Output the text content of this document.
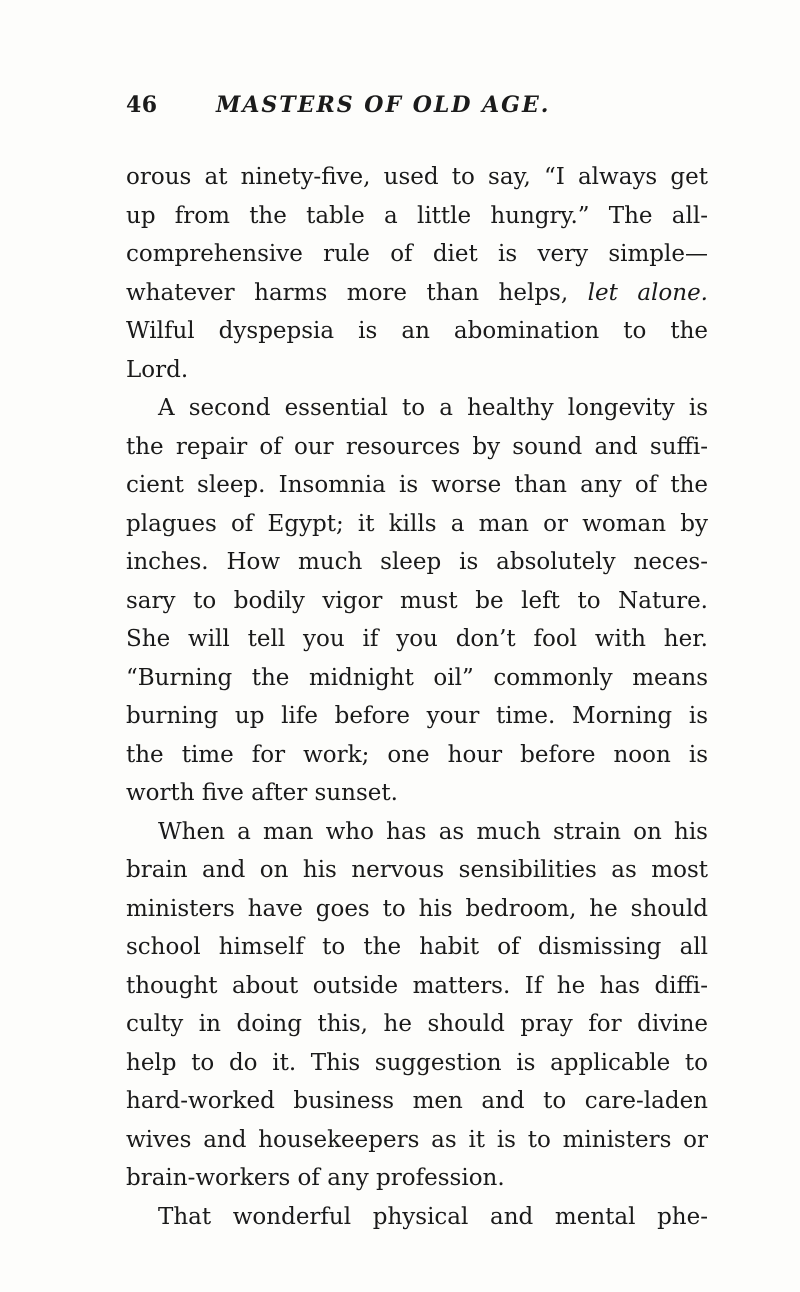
46	MASTERS OF OLD AGE.
orous at ninety-five, used to say, “I always get
up from the table a little hungry.” The all-
comprehensive rule of diet is very simple—
whatever harms more than helps, let alone.
Wilful dyspepsia is an abomination to the
Lord.
A second essential to a healthy longevity is
the repair of our resources by sound and suffi-
cient sleep. Insomnia is worse than any of the
plagues of Egypt; it kills a man or woman by
inches. How much sleep is absolutely neces-
sary to bodily vigor must be left to Nature.
She will tell you if you don’t fool with her.
“Burning the midnight oil” commonly means
burning up life before your time. Morning is
the time for work; one hour before noon is
worth five after sunset.
When a man who has as much strain on his
brain and on his nervous sensibilities as most
ministers have goes to his bedroom, he should
school himself to the habit of dismissing all
thought about outside matters. If he has diffi-
culty in doing this, he should pray for divine
help to do it. This suggestion is applicable to
hard-worked business men and to care-laden
wives and housekeepers as it is to ministers or
brain-workers of any profession.
That wonderful physical and mental phe-
